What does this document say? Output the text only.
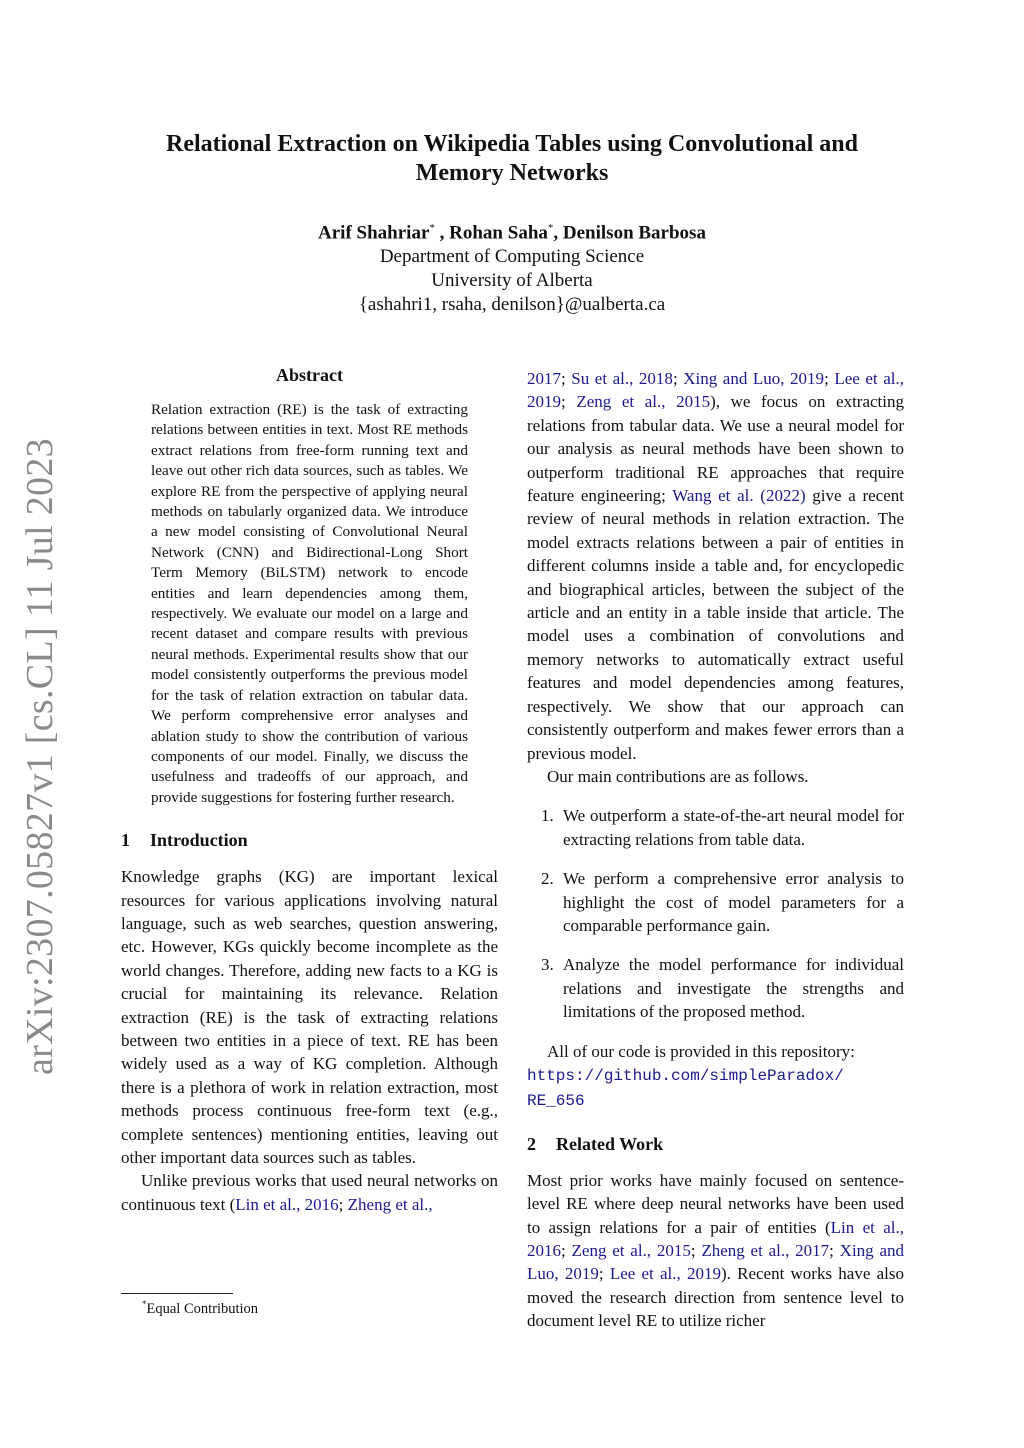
arXiv:2307.05827v1 [cs.CL] 11 Jul 2023
Relational Extraction on Wikipedia Tables using Convolutional and Memory Networks
Arif Shahriar* , Rohan Saha*, Denilson Barbosa
Department of Computing Science
University of Alberta
{ashahri1, rsaha, denilson}@ualberta.ca
Abstract

Relation extraction (RE) is the task of extracting relations between entities in text. Most RE methods extract relations from free-form running text and leave out other rich data sources, such as tables. We explore RE from the perspective of applying neural methods on tabularly organized data. We introduce a new model consisting of Convolutional Neural Network (CNN) and Bidirectional-Long Short Term Memory (BiLSTM) network to encode entities and learn dependencies among them, respectively. We evaluate our model on a large and recent dataset and compare results with previous neural methods. Experimental results show that our model consistently outperforms the previous model for the task of relation extraction on tabular data. We perform comprehensive error analyses and ablation study to show the contribution of various components of our model. Finally, we discuss the usefulness and tradeoffs of our approach, and provide suggestions for fostering further research.

1 Introduction

Knowledge graphs (KG) are important lexical resources for various applications involving natural language, such as web searches, question answering, etc. However, KGs quickly become incomplete as the world changes. Therefore, adding new facts to a KG is crucial for maintaining its relevance. Relation extraction (RE) is the task of extracting relations between two entities in a piece of text. RE has been widely used as a way of KG completion. Although there is a plethora of work in relation extraction, most methods process continuous free-form text (e.g., complete sentences) mentioning entities, leaving out other important data sources such as tables.

Unlike previous works that used neural networks on continuous text (Lin et al., 2016; Zheng et al.,

2017; Su et al., 2018; Xing and Luo, 2019; Lee et al., 2019; Zeng et al., 2015), we focus on extracting relations from tabular data. We use a neural model for our analysis as neural methods have been shown to outperform traditional RE approaches that require feature engineering; Wang et al. (2022) give a recent review of neural methods in relation extraction. The model extracts relations between a pair of entities in different columns inside a table and, for encyclopedic and biographical articles, between the subject of the article and an entity in a table inside that article. The model uses a combination of convolutions and memory networks to automatically extract useful features and model dependencies among features, respectively. We show that our approach can consistently outperform and makes fewer errors than a previous model.

Our main contributions are as follows.

1. We outperform a state-of-the-art neural model for extracting relations from table data.
2. We perform a comprehensive error analysis to highlight the cost of model parameters for a comparable performance gain.
3. Analyze the model performance for individual relations and investigate the strengths and limitations of the proposed method.

All of our code is provided in this repository:
https://github.com/simpleParadox/
RE_656

2 Related Work

Most prior works have mainly focused on sentence-level RE where deep neural networks have been used to assign relations for a pair of entities (Lin et al., 2016; Zeng et al., 2015; Zheng et al., 2017; Xing and Luo, 2019; Lee et al., 2019). Recent works have also moved the research direction from sentence level to document level RE to utilize richer

*Equal Contribution
